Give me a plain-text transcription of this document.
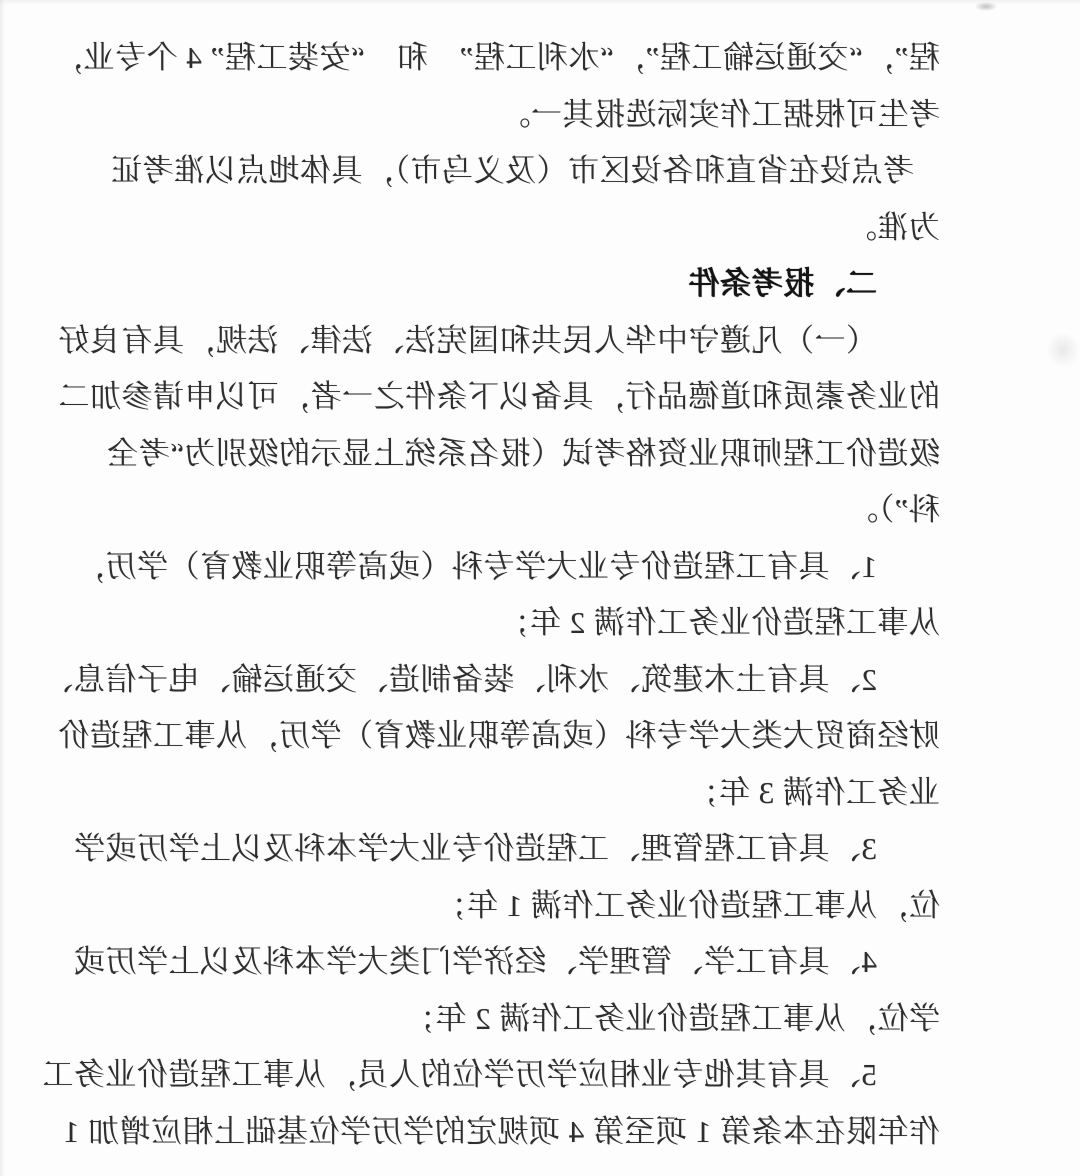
程”，“交通运输工程”，“水利工程”　和　“安装工程” 4 个专业，
考生可根据工作实际选报其一。
考点设在省直和各设区市（及义乌市），具体地点以准考证
为准。
二、报考条件
（一）凡遵守中华人民共和国宪法、法律、法规，具有良好
的业务素质和道德品行，具备以下条件之一者，可以申请参加二
级造价工程师职业资格考试（报名系统上显示的级别为“考全
科”）。
1、具有工程造价专业大学专科（或高等职业教育）学历，
从事工程造价业务工作满 2 年；
2、具有土木建筑、水利、装备制造、交通运输、电子信息、
财经商贸大类大学专科（或高等职业教育）学历，从事工程造价
业务工作满 3 年；
3、具有工程管理、工程造价专业大学本科及以上学历或学
位，从事工程造价业务工作满 1 年；
4、具有工学、管理学、经济学门类大学本科及以上学历或
学位，从事工程造价业务工作满 2 年；
5、具有其他专业相应学历学位的人员，从事工程造价业务工
作年限在本条第 1 项至第 4 项规定的学历学位基础上相应增加 1
